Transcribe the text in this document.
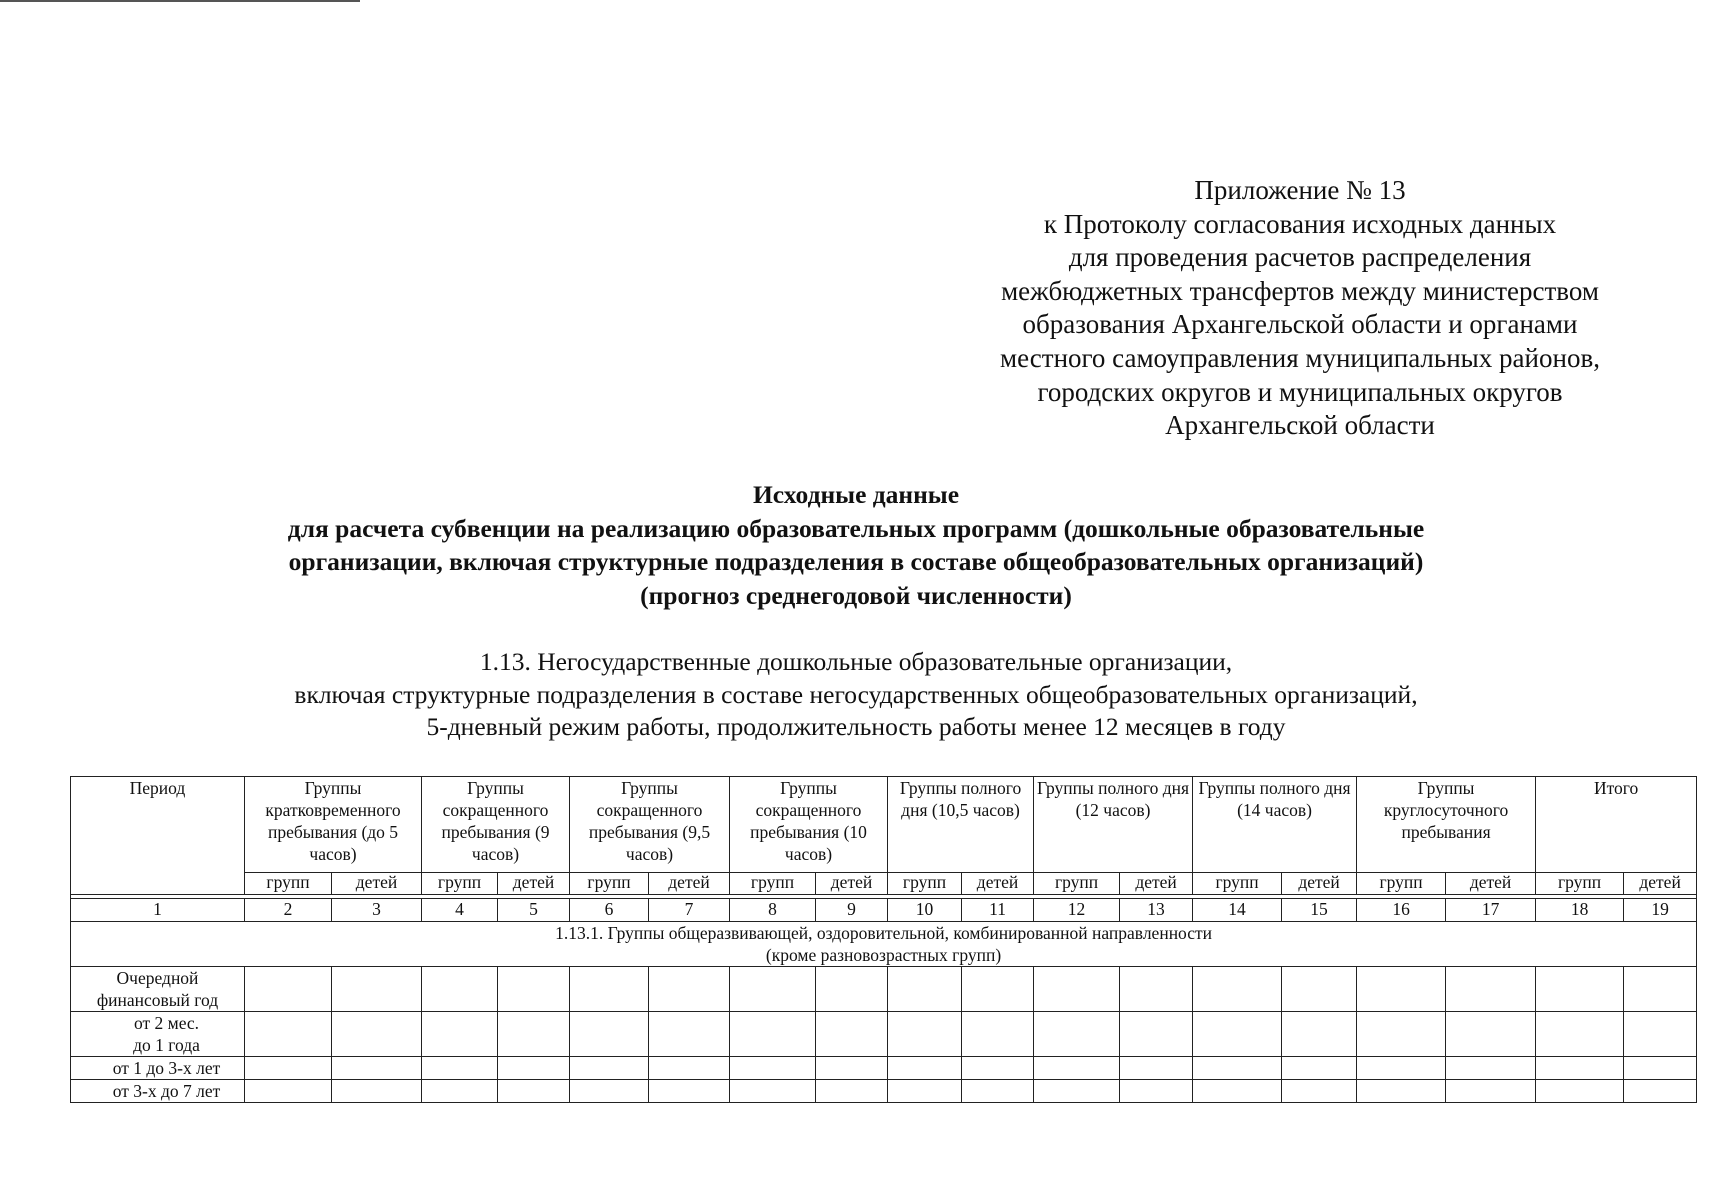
Приложение № 13
к Протоколу согласования исходных данных
для проведения расчетов распределения
межбюджетных трансфертов между министерством
образования Архангельской области и органами
местного самоуправления муниципальных районов,
городских округов и муниципальных округов
Архангельской области
Исходные данные
для расчета субвенции на реализацию образовательных программ (дошкольные образовательные
организации, включая структурные подразделения в составе общеобразовательных организаций)
(прогноз среднегодовой численности)
1.13. Негосударственные дошкольные образовательные организации,
включая структурные подразделения в составе негосударственных общеобразовательных организаций,
5-дневный режим работы, продолжительность работы менее 12 месяцев в году
Период	Группы кратковременного пребывания (до 5 часов)		Группы сокращенного пребывания (9 часов)		Группы сокращенного пребывания (9,5 часов)		Группы сокращенного пребывания (10 часов)		Группы полного дня (10,5 часов)		Группы полного дня (12 часов)		Группы полного дня (14 часов)		Группы круглосуточного пребывания		Итого	
	групп	детей	групп	детей	групп	детей	групп	детей	групп	детей	групп	детей	групп	детей	групп	детей	групп	детей

1	2	3	4	5	6	7	8	9	10	11	12	13	14	15	16	17	18	19

1.13.1. Группы общеразвивающей, оздоровительной, комбинированной направленности
(кроме разновозрастных групп)																		

Очередной
финансовый год																		

от 2 мес.
до 1 года																		

от 1 до 3-х лет																		
от 3-х до 7 лет																		
